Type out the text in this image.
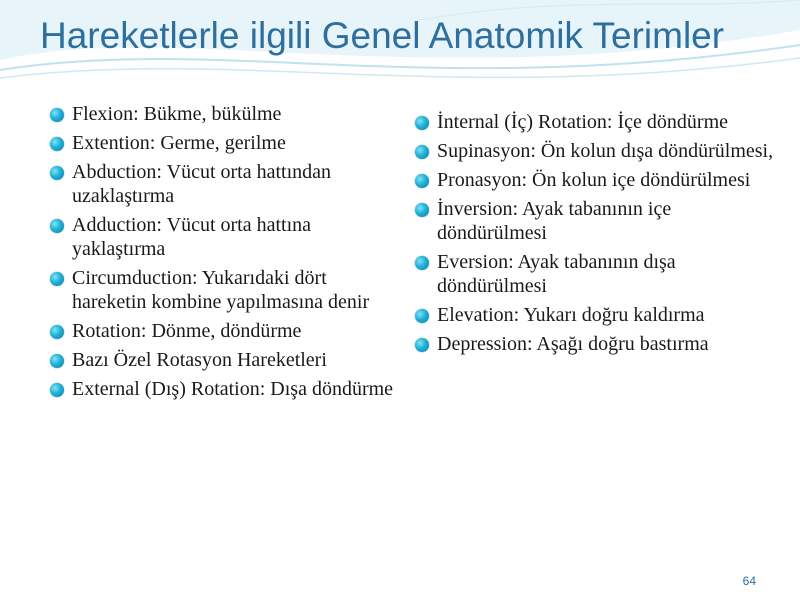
Hareketlerle ilgili Genel Anatomik Terimler
Flexion: Bükme, bükülme
Extention: Germe, gerilme
Abduction: Vücut orta hattından uzaklaştırma
Adduction: Vücut orta hattına yaklaştırma
Circumduction: Yukarıdaki dört hareketin kombine yapılmasına denir
Rotation: Dönme, döndürme
Bazı Özel Rotasyon Hareketleri
External (Dış) Rotation: Dışa döndürme
İnternal (İç) Rotation: İçe döndürme
Supinasyon: Ön kolun dışa döndürülmesi,
Pronasyon: Ön kolun içe döndürülmesi
İnversion: Ayak tabanının içe döndürülmesi
Eversion: Ayak tabanının dışa döndürülmesi
Elevation: Yukarı doğru kaldırma
Depression: Aşağı doğru bastırma
64
